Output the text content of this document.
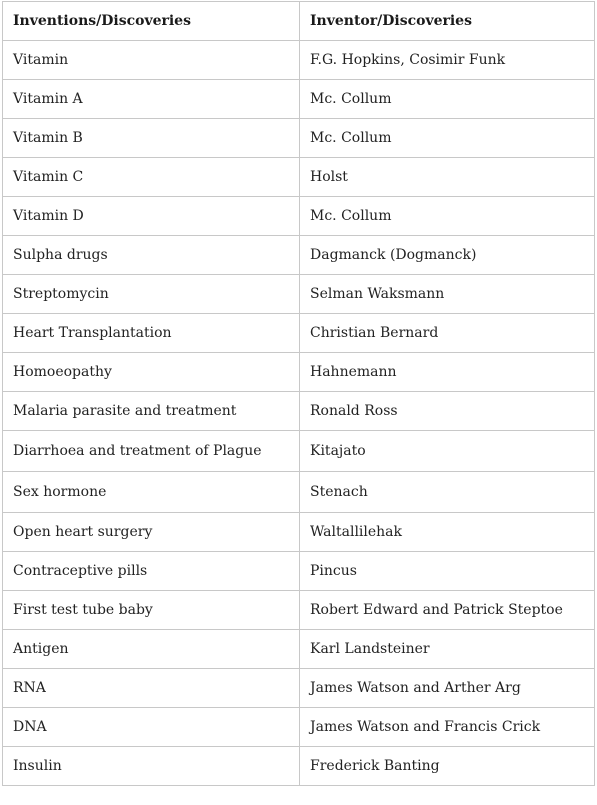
Inventions/Discoveries	Inventor/Discoveries
Vitamin	F.G. Hopkins, Cosimir Funk
Vitamin A	Mc. Collum
Vitamin B	Mc. Collum
Vitamin C	Holst
Vitamin D	Mc. Collum
Sulpha drugs	Dagmanck (Dogmanck)
Streptomycin	Selman Waksmann
Heart Transplantation	Christian Bernard
Homoeopathy	Hahnemann
Malaria parasite and treatment	Ronald Ross
Diarrhoea and treatment of Plague	Kitajato
Sex hormone	Stenach
Open heart surgery	Waltallilehak
Contraceptive pills	Pincus
First test tube baby	Robert Edward and Patrick Steptoe
Antigen	Karl Landsteiner
RNA	James Watson and Arther Arg
DNA	James Watson and Francis Crick
Insulin	Frederick Banting
